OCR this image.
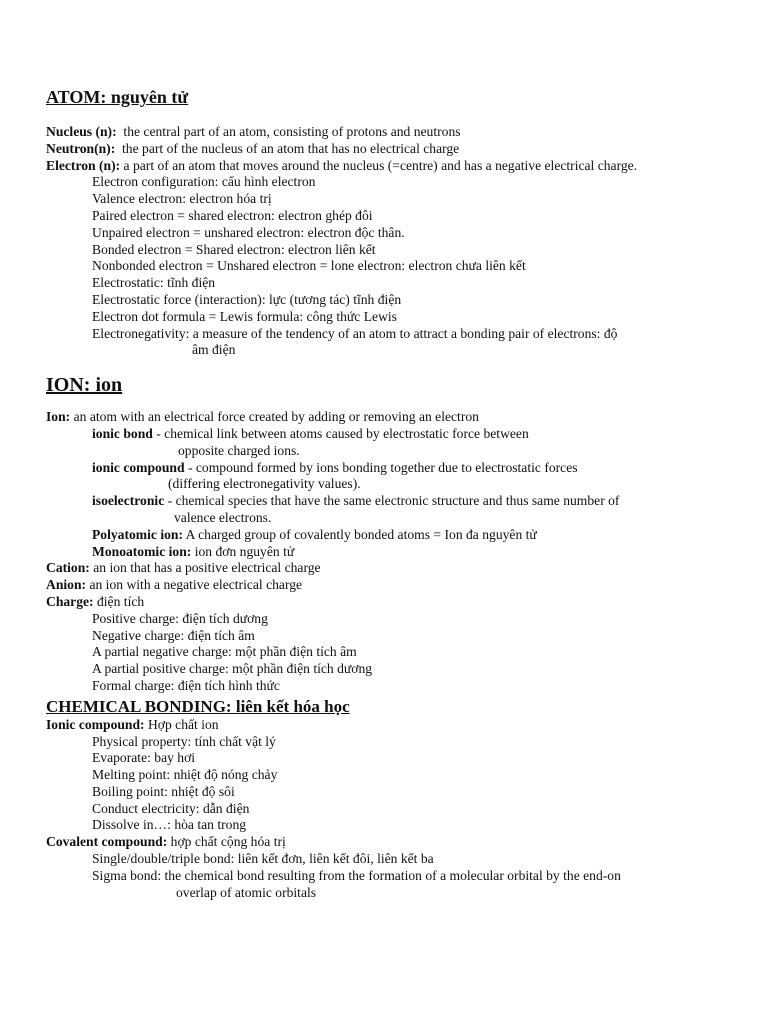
ATOM: nguyên tử
Nucleus (n): the central part of an atom, consisting of protons and neutrons
Neutron(n): the part of the nucleus of an atom that has no electrical charge
Electron (n): a part of an atom that moves around the nucleus (=centre) and has a negative electrical charge.
Electron configuration: cấu hình electron
Valence electron: electron hóa trị
Paired electron = shared electron: electron ghép đôi
Unpaired electron = unshared electron: electron độc thân.
Bonded electron = Shared electron: electron liên kết
Nonbonded electron = Unshared electron = lone electron: electron chưa liên kết
Electrostatic: tĩnh điện
Electrostatic force (interaction): lực (tương tác) tĩnh điện
Electron dot formula = Lewis formula: công thức Lewis
Electronegativity: a measure of the tendency of an atom to attract a bonding pair of electrons: độ
âm điện
ION: ion
Ion: an atom with an electrical force created by adding or removing an electron
ionic bond - chemical link between atoms caused by electrostatic force between
opposite charged ions.
ionic compound - compound formed by ions bonding together due to electrostatic forces
(differing electronegativity values).
isoelectronic - chemical species that have the same electronic structure and thus same number of
valence electrons.
Polyatomic ion: A charged group of covalently bonded atoms = Ion đa nguyên tử
Monoatomic ion: ion đơn nguyên tử
Cation: an ion that has a positive electrical charge
Anion: an ion with a negative electrical charge
Charge: điện tích
Positive charge: điện tích dương
Negative charge: điện tích âm
A partial negative charge: một phần điện tích âm
A partial positive charge: một phần điện tích dương
Formal charge: điện tích hình thức
CHEMICAL BONDING: liên kết hóa học
Ionic compound: Hợp chất ion
Physical property: tính chất vật lý
Evaporate: bay hơi
Melting point: nhiệt độ nóng chảy
Boiling point: nhiệt độ sôi
Conduct electricity: dẫn điện
Dissolve in…: hòa tan trong
Covalent compound: hợp chất cộng hóa trị
Single/double/triple bond: liên kết đơn, liên kết đôi, liên kết ba
Sigma bond: the chemical bond resulting from the formation of a molecular orbital by the end-on
overlap of atomic orbitals
